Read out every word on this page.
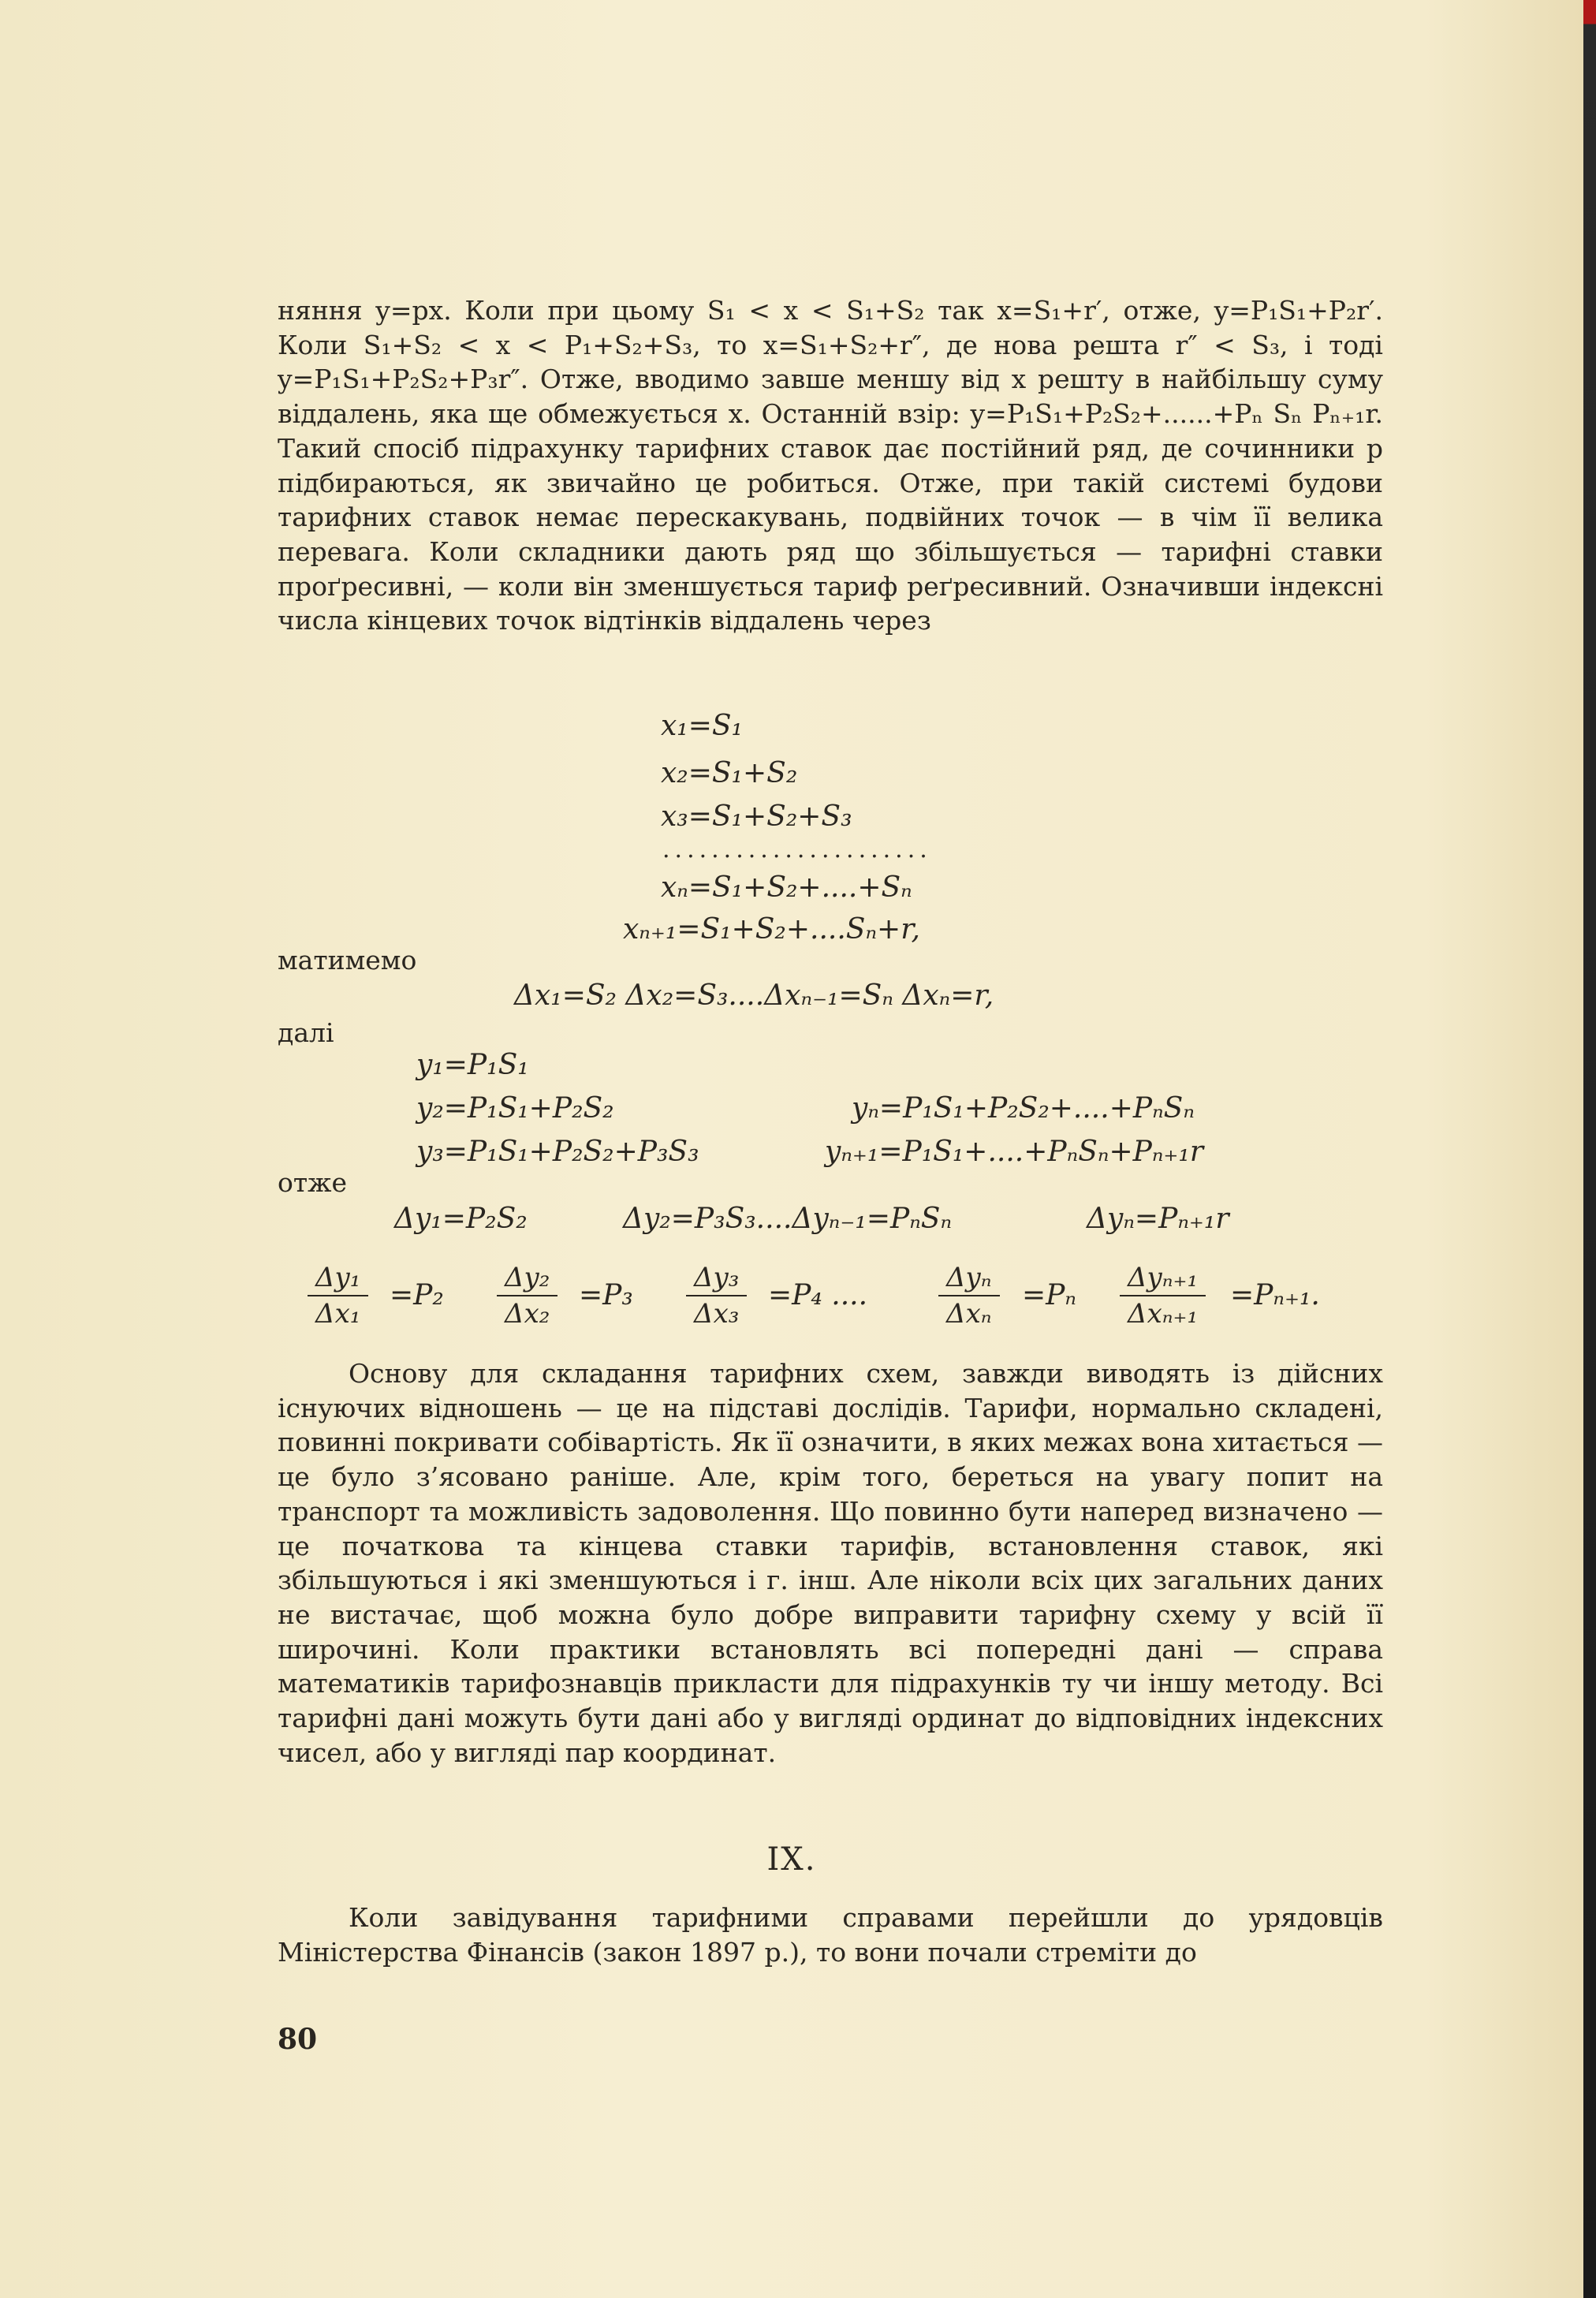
няння y=px. Коли при цьому S₁ < x < S₁+S₂ так x=S₁+r′, отже, y=P₁S₁+P₂r′. Коли S₁+S₂ < x < P₁+S₂+S₃, то x=S₁+S₂+r″, де нова решта r″ < S₃, і тоді y=P₁S₁+P₂S₂+P₃r″. Отже, вводимо завше меншу від x решту в найбільшу суму віддалень, яка ще обмежується x. Останній взір: y=P₁S₁+P₂S₂+......+Pₙ Sₙ Pₙ₊₁r. Такий спосіб підрахунку тарифних ставок дає постійний ряд, де сочинники p підбираються, як звичайно це робиться. Отже, при такій системі будови тарифних ставок немає перескакувань, подвійних точок — в чім її велика перевага. Коли складники дають ряд що збільшується — тарифні ставки проґресивні, — коли він зменшується тариф реґресивний. Означивши індексні числа кінцевих точок відтінків віддалень через

x₁=S₁
x₂=S₁+S₂
x₃=S₁+S₂+S₃
......................
xₙ=S₁+S₂+....+Sₙ
xₙ₊₁=S₁+S₂+....Sₙ+r,
матимемо
Δx₁=S₂ Δx₂=S₃....Δxₙ₋₁=Sₙ Δxₙ=r,
далі
y₁=P₁S₁
y₂=P₁S₁+P₂S₂
y₃=P₁S₁+P₂S₂+P₃S₃
yₙ=P₁S₁+P₂S₂+....+PₙSₙ
yₙ₊₁=P₁S₁+....+PₙSₙ+Pₙ₊₁r
отже
Δy₁=P₂S₂	Δy₂=P₃S₃....Δyₙ₋₁=PₙSₙ	Δyₙ=Pₙ₊₁r
$\frac{\text{Δy₁}}{\text{Δx₁}} =P_2 \frac{\text{Δy₂}}{\text{Δx₂}} =P_3 \frac{\text{Δy₃}}{\text{Δx₃}} =P_4$ ....
Δyₙ
Δxₙ
=Pₙ
Δyₙ₊₁
Δxₙ₊₁
=Pₙ₊₁.

Основу для складання тарифних схем, завжди виводять із дійсних існуючих відношень — це на підставі дослідів. Тарифи, нормально складені, повинні покривати собівартість. Як її означити, в яких межах вона хитається — це було з’ясовано раніше. Але, крім того, береться на увагу попит на транспорт та можливість задоволення. Що повинно бути наперед визначено — це початкова та кінцева ставки тарифів, встановлення ставок, які збільшуються і які зменшуються і г. інш. Але ніколи всіх цих загальних даних не вистачає, щоб можна було добре виправити тарифну схему у всій її широчині. Коли практики встановлять всі попередні дані — справа математиків тарифознавців прикласти для підрахунків ту чи іншу методу. Всі тарифні дані можуть бути дані або у вигляді ординат до відповідних індексних чисел, або у вигляді пар координат.

IX.

Коли завідування тарифними справами перейшли до урядовців Міністерства Фінансів (закон 1897 р.), то вони почали стреміти до

80
